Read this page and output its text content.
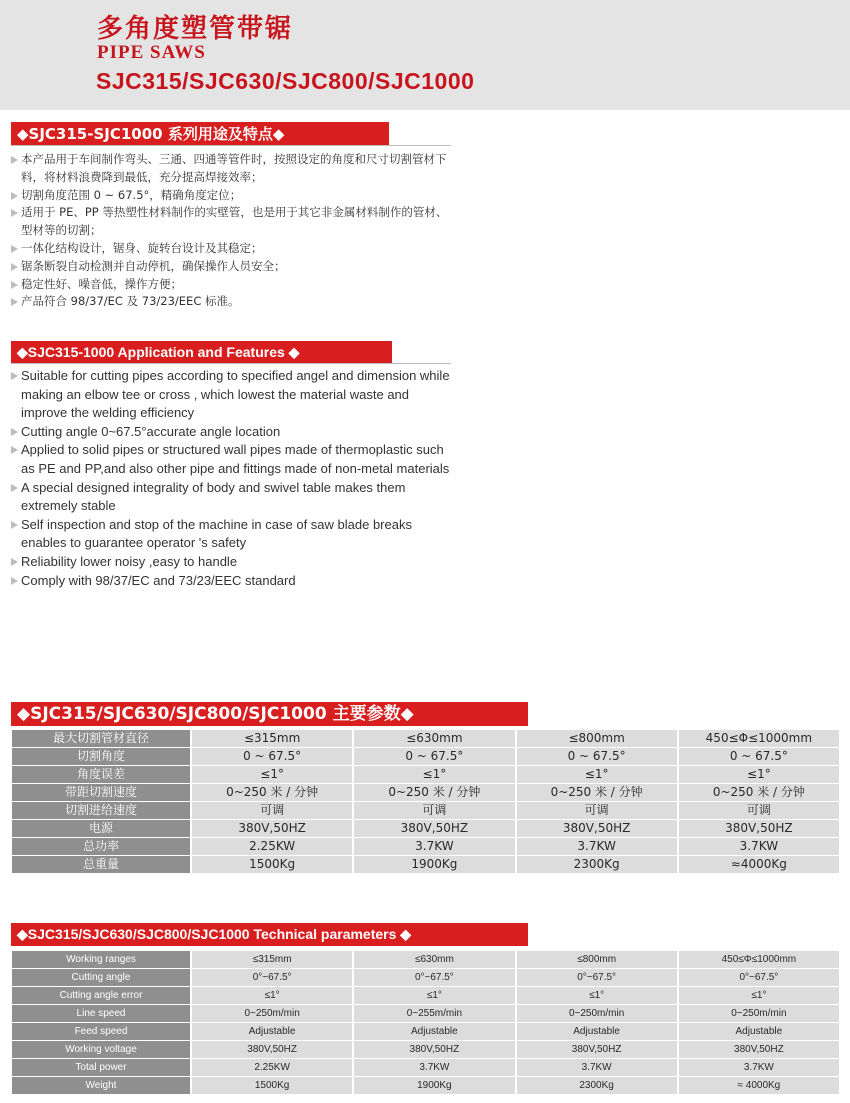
多角度塑管带锯
PIPE SAWS
SJC315/SJC630/SJC800/SJC1000
◆SJC315-SJC1000 系列用途及特点◆
本产品用于车间制作弯头、三通、四通等管件时，按照设定的角度和尺寸切割管材下料，将材料浪费降到最低，充分提高焊接效率；
切割角度范围 0 ~ 67.5°，精确角度定位；
适用于 PE、PP 等热塑性材料制作的实壁管，也是用于其它非金属材料制作的管材、型材等的切割；
一体化结构设计，锯身、旋转台设计及其稳定；
锯条断裂自动检测并自动停机，确保操作人员安全；
稳定性好、噪音低，操作方便；
产品符合 98/37/EC 及 73/23/EEC 标准。
◆SJC315-1000 Application and Features ◆
Suitable for cutting pipes according to specified angel and dimension while making an elbow tee or cross , which lowest the material waste and improve the welding efficiency
Cutting angle 0~67.5°accurate angle location
Applied to solid pipes or structured wall pipes made of thermoplastic such as PE and PP,and also other pipe and fittings made of non-metal materials
A special designed integrality of body and swivel table makes them extremely stable
Self inspection and stop of the machine in case of saw blade breaks enables to guarantee operator 's safety
Reliability lower noisy ,easy to handle
Comply with 98/37/EC and 73/23/EEC standard
◆SJC315/SJC630/SJC800/SJC1000 主要参数◆
最大切割管材直径	≤315mm	≤630mm	≤800mm	450≤Φ≤1000mm
切割角度	0 ~ 67.5°	0 ~ 67.5°	0 ~ 67.5°	0 ~ 67.5°
角度误差	≤1°	≤1°	≤1°	≤1°
带距切割速度	0~250 米 / 分钟	0~250 米 / 分钟	0~250 米 / 分钟	0~250 米 / 分钟
切割进给速度	可调	可调	可调	可调
电源	380V,50HZ	380V,50HZ	380V,50HZ	380V,50HZ
总功率	2.25KW	3.7KW	3.7KW	3.7KW
总重量	1500Kg	1900Kg	2300Kg	≈4000Kg
◆SJC315/SJC630/SJC800/SJC1000 Technical parameters ◆
Working ranges	≤315mm	≤630mm	≤800mm	450≤Φ≤1000mm
Cutting angle	0°~67.5°	0°~67.5°	0°~67.5°	0°~67.5°
Cutting angle error	≤1°	≤1°	≤1°	≤1°
Line speed	0~250m/min	0~255m/min	0~250m/min	0~250m/min
Feed speed	Adjustable	Adjustable	Adjustable	Adjustable
Working voltage	380V,50HZ	380V,50HZ	380V,50HZ	380V,50HZ
Total power	2.25KW	3.7KW	3.7KW	3.7KW
Weight	1500Kg	1900Kg	2300Kg	≈ 4000Kg
